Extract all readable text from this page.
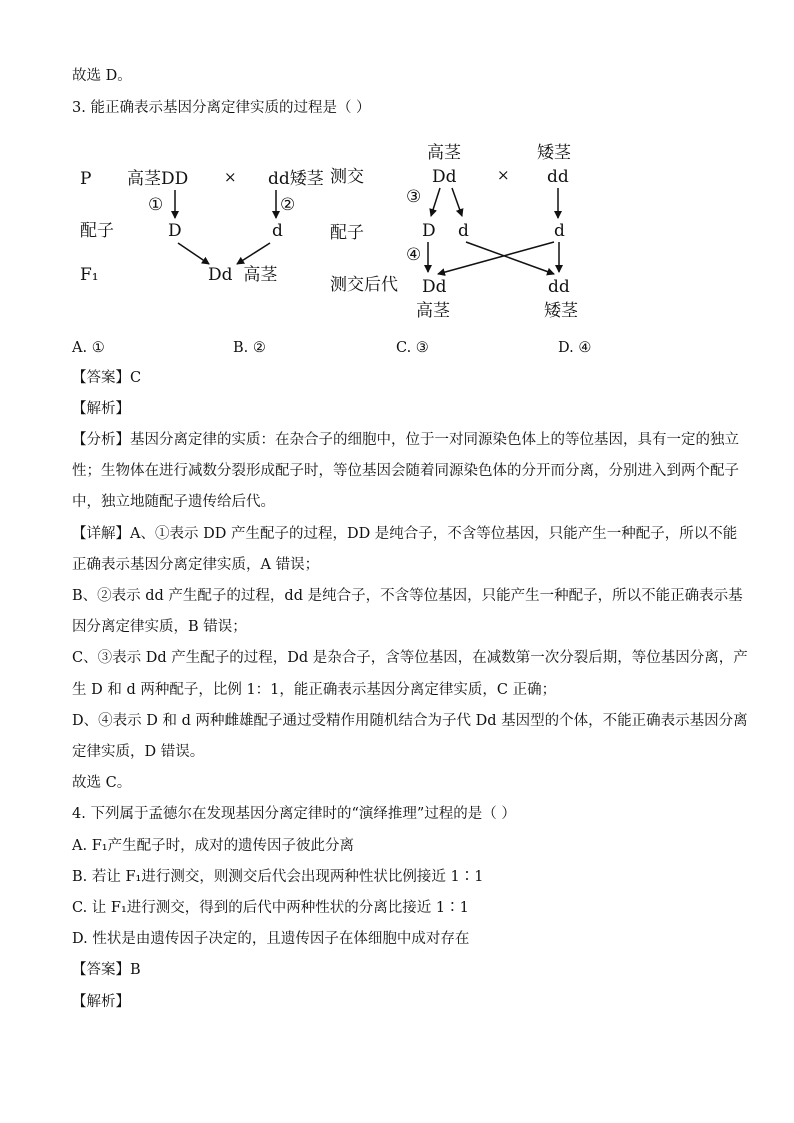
故选 D。
3. 能正确表示基因分离定律实质的过程是（ ）
P 高茎DD × dd矮茎
①	②
配子	D	d
F₁	Dd  高茎
高茎	矮茎
测交	Dd	× dd
③
配子	D d	d
④
测交后代 Dd	dd
高茎	矮茎
A. ①	B. ②	C. ③	D. ④
【答案】C
【解析】
【分析】基因分离定律的实质：在杂合子的细胞中，位于一对同源染色体上的等位基因，具有一定的独立
性；生物体在进行减数分裂形成配子时，等位基因会随着同源染色体的分开而分离，分别进入到两个配子
中，独立地随配子遗传给后代。
【详解】A、①表示 DD 产生配子的过程，DD 是纯合子，不含等位基因，只能产生一种配子，所以不能
正确表示基因分离定律实质，A 错误；
B、②表示 dd 产生配子的过程，dd 是纯合子，不含等位基因，只能产生一种配子，所以不能正确表示基
因分离定律实质，B 错误；
C、③表示 Dd 产生配子的过程，Dd 是杂合子，含等位基因，在减数第一次分裂后期，等位基因分离，产
生 D 和 d 两种配子，比例 1：1，能正确表示基因分离定律实质，C 正确；
D、④表示 D 和 d 两种雌雄配子通过受精作用随机结合为子代 Dd 基因型的个体，不能正确表示基因分离
定律实质，D 错误。
故选 C。
4. 下列属于孟德尔在发现基因分离定律时的“演绎推理”过程的是（ ）
A. F₁产生配子时，成对的遗传因子彼此分离
B. 若让 F₁进行测交，则测交后代会出现两种性状比例接近 1∶1
C. 让 F₁进行测交，得到的后代中两种性状的分离比接近 1∶1
D. 性状是由遗传因子决定的，且遗传因子在体细胞中成对存在
【答案】B
【解析】
